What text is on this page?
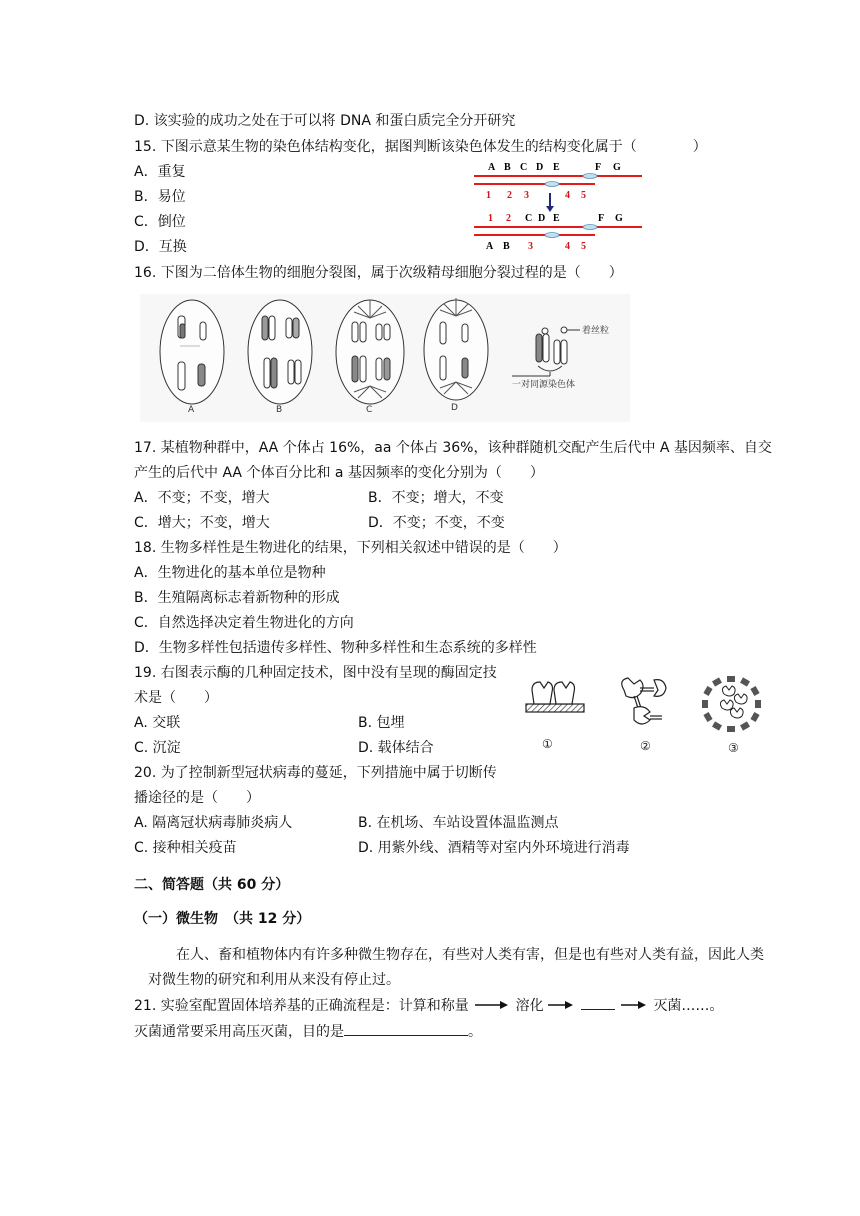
D. 该实验的成功之处在于可以将 DNA 和蛋白质完全分开研究
15. 下图示意某生物的染色体结构变化，据图判断该染色体发生的结构变化属于（　　　　）
A．重复
B．易位
C．倒位
D．互换
A B C D E	F G
1 2 3	4 5
1 2 C D E	F G
A B 3	4 5
16. 下图为二倍体生物的细胞分裂图，属于次级精母细胞分裂过程的是（　　）
A	B	C	D
着丝粒
一对同源染色体
17. 某植物种群中，AA 个体占 16%，aa 个体占 36%，该种群随机交配产生后代中 A 基因频率、自交
产生的后代中 AA 个体百分比和 a 基因频率的变化分别为（　　）
A．不变；不变，增大	B．不变；增大，不变
C．增大；不变，增大	D．不变；不变，不变
18. 生物多样性是生物进化的结果，下列相关叙述中错误的是（　　）
A．生物进化的基本单位是物种
B．生殖隔离标志着新物种的形成
C．自然选择决定着生物进化的方向
D．生物多样性包括遗传多样性、物种多样性和生态系统的多样性
19. 右图表示酶的几种固定技术，图中没有呈现的酶固定技
术是（　　）
A. 交联	B. 包埋
C. 沉淀	D. 载体结合	①	②	③
20. 为了控制新型冠状病毒的蔓延，下列措施中属于切断传
播途径的是（　　）
A. 隔离冠状病毒肺炎病人	B. 在机场、车站设置体温监测点
C. 接种相关疫苗	D. 用紫外线、酒精等对室内外环境进行消毒
二、简答题（共 60 分）
（一）微生物　（共 12 分）
在人、畜和植物体内有许多种微生物存在，有些对人类有害，但是也有些对人类有益，因此人类
对微生物的研究和利用从来没有停止过。
21. 实验室配置固体培养基的正确流程是：计算和称量	溶化	灭菌……。
灭菌通常要采用高压灭菌，目的是	。
